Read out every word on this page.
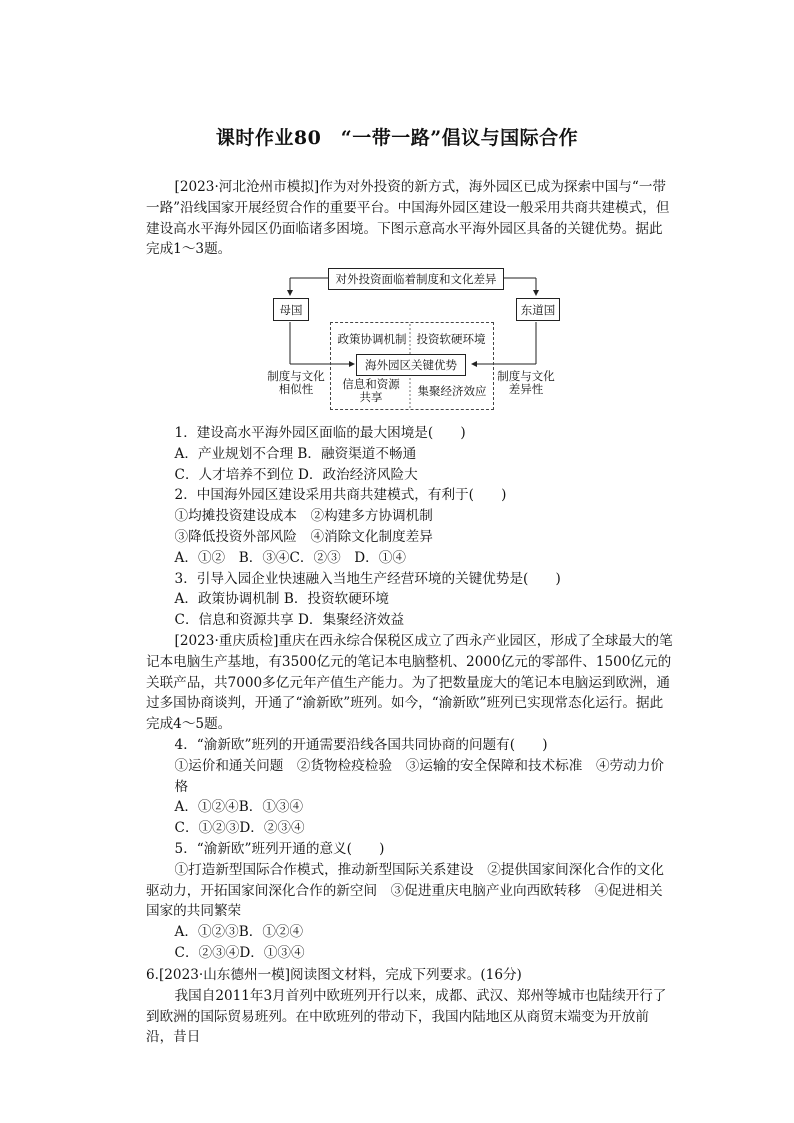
课时作业80　“一带一路”倡议与国际合作

[2023·河北沧州市模拟]作为对外投资的新方式，海外园区已成为探索中国与“一带一路”沿线国家开展经贸合作的重要平台。中国海外园区建设一般采用共商共建模式，但建设高水平海外园区仍面临诸多困境。下图示意高水平海外园区具备的关键优势。据此完成1～3题。

对外投资面临着制度和文化差异
母国	东道国
政策协调机制 投资软硬环境
海外园区关键优势
信息和资源
共享	集聚经济效应
制度与文化
相似性
制度与文化
差异性

1．建设高水平海外园区面临的最大困境是(　　)

A．产业规划不合理 B．融资渠道不畅通

C．人才培养不到位 D．政治经济风险大

2．中国海外园区建设采用共商共建模式，有利于(　　)

①均摊投资建设成本　②构建多方协调机制

③降低投资外部风险　④消除文化制度差异

A．①②　B．③④C．②③　D．①④

3．引导入园企业快速融入当地生产经营环境的关键优势是(　　)

A．政策协调机制 B．投资软硬环境

C．信息和资源共享 D．集聚经济效益

[2023·重庆质检]重庆在西永综合保税区成立了西永产业园区，形成了全球最大的笔记本电脑生产基地，有3500亿元的笔记本电脑整机、2000亿元的零部件、1500亿元的关联产品，共7000多亿元年产值生产能力。为了把数量庞大的笔记本电脑运到欧洲，通过多国协商谈判，开通了“渝新欧”班列。如今，“渝新欧”班列已实现常态化运行。据此完成4～5题。

4．“渝新欧”班列的开通需要沿线各国共同协商的问题有(　　)

①运价和通关问题　②货物检疫检验　③运输的安全保障和技术标准　④劳动力价格

A．①②④B．①③④

C．①②③D．②③④

5．“渝新欧”班列开通的意义(　　)

①打造新型国际合作模式，推动新型国际关系建设　②提供国家间深化合作的文化驱动力，开拓国家间深化合作的新空间　③促进重庆电脑产业向西欧转移　④促进相关国家的共同繁荣

A．①②③B．①②④

C．②③④D．①③④

6.[2023·山东德州一模]阅读图文材料，完成下列要求。(16分)

我国自2011年3月首列中欧班列开行以来，成都、武汉、郑州等城市也陆续开行了到欧洲的国际贸易班列。在中欧班列的带动下，我国内陆地区从商贸末端变为开放前沿，昔日
